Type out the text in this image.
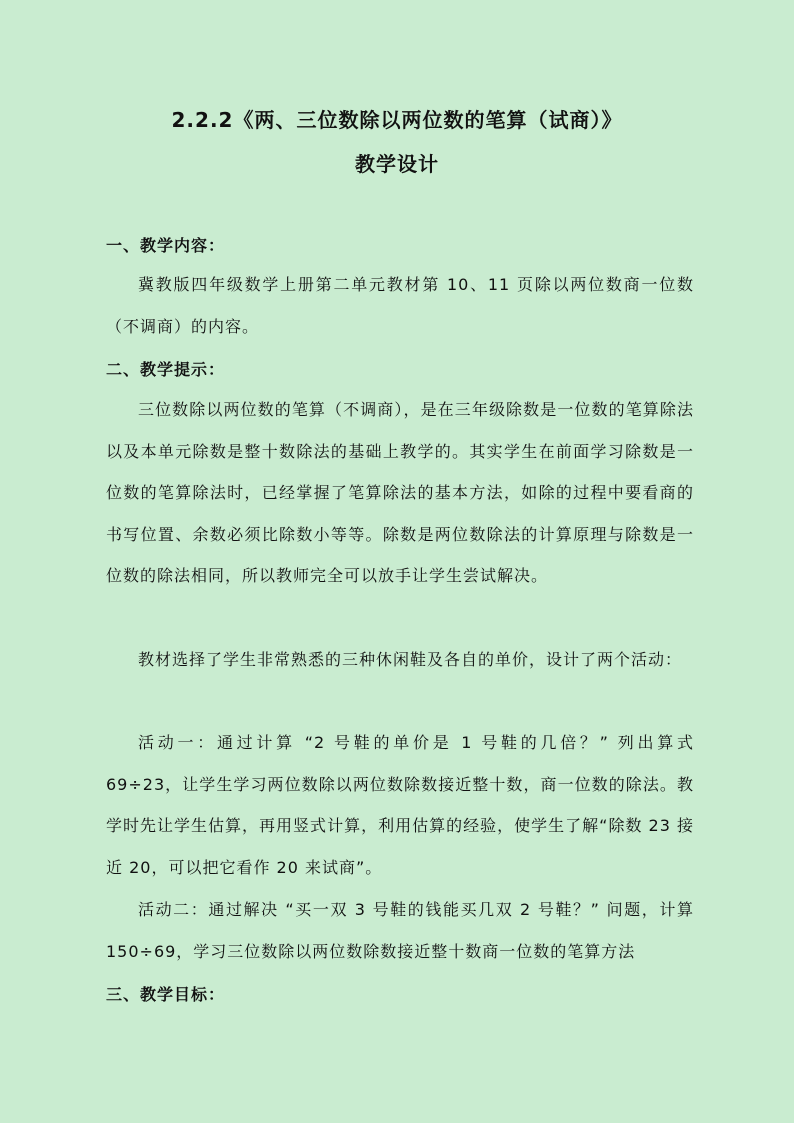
2.2.2《两、三位数除以两位数的笔算（试商）》
教学设计
一、教学内容：
冀教版四年级数学上册第二单元教材第 10、11 页除以两位数商一位数（不调商）的内容。
二、教学提示：
三位数除以两位数的笔算（不调商），是在三年级除数是一位数的笔算除法以及本单元除数是整十数除法的基础上教学的。其实学生在前面学习除数是一位数的笔算除法时，已经掌握了笔算除法的基本方法，如除的过程中要看商的书写位置、余数必须比除数小等等。除数是两位数除法的计算原理与除数是一位数的除法相同，所以教师完全可以放手让学生尝试解决。
教材选择了学生非常熟悉的三种休闲鞋及各自的单价，设计了两个活动：
活动一：通过计算 “2 号鞋的单价是 1 号鞋的几倍？” 列出算式 69÷23，让学生学习两位数除以两位数除数接近整十数，商一位数的除法。教学时先让学生估算，再用竖式计算，利用估算的经验，使学生了解“除数 23 接近 20，可以把它看作 20 来试商”。
活动二：通过解决 “买一双 3 号鞋的钱能买几双 2 号鞋？” 问题，计算 150÷69，学习三位数除以两位数除数接近整十数商一位数的笔算方法
三、教学目标：
